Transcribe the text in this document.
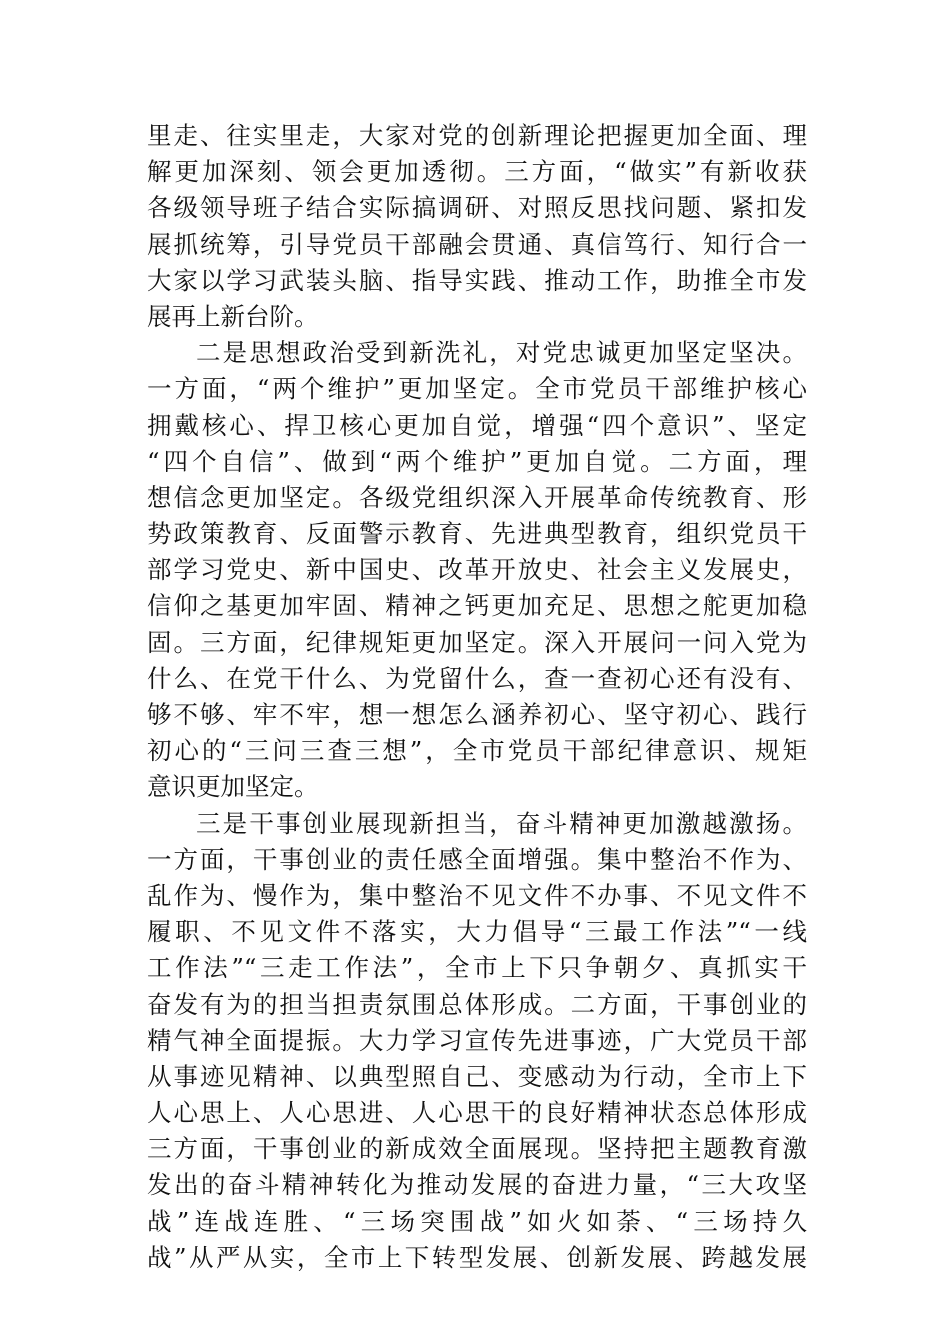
里走、往实里走，大家对党的创新理论把握更加全面、理
解更加深刻、领会更加透彻。三方面，“做实”有新收获
各级领导班子结合实际搞调研、对照反思找问题、紧扣发
展抓统筹，引导党员干部融会贯通、真信笃行、知行合一
大家以学习武装头脑、指导实践、推动工作，助推全市发
展再上新台阶。
二是思想政治受到新洗礼，对党忠诚更加坚定坚决。
一方面，“两个维护”更加坚定。全市党员干部维护核心
拥戴核心、捍卫核心更加自觉，增强“四个意识”、坚定
“四个自信”、做到“两个维护”更加自觉。二方面，理
想信念更加坚定。各级党组织深入开展革命传统教育、形
势政策教育、反面警示教育、先进典型教育，组织党员干
部学习党史、新中国史、改革开放史、社会主义发展史，
信仰之基更加牢固、精神之钙更加充足、思想之舵更加稳
固。三方面，纪律规矩更加坚定。深入开展问一问入党为
什么、在党干什么、为党留什么，查一查初心还有没有、
够不够、牢不牢，想一想怎么涵养初心、坚守初心、践行
初心的“三问三查三想”，全市党员干部纪律意识、规矩
意识更加坚定。
三是干事创业展现新担当，奋斗精神更加激越激扬。
一方面，干事创业的责任感全面增强。集中整治不作为、
乱作为、慢作为，集中整治不见文件不办事、不见文件不
履职、不见文件不落实，大力倡导“三最工作法”“一线
工作法”“三走工作法”，全市上下只争朝夕、真抓实干
奋发有为的担当担责氛围总体形成。二方面，干事创业的
精气神全面提振。大力学习宣传先进事迹，广大党员干部
从事迹见精神、以典型照自己、变感动为行动，全市上下
人心思上、人心思进、人心思干的良好精神状态总体形成
三方面，干事创业的新成效全面展现。坚持把主题教育激
发出的奋斗精神转化为推动发展的奋进力量，“三大攻坚
战”连战连胜、“三场突围战”如火如荼、“三场持久
战”从严从实，全市上下转型发展、创新发展、跨越发展
